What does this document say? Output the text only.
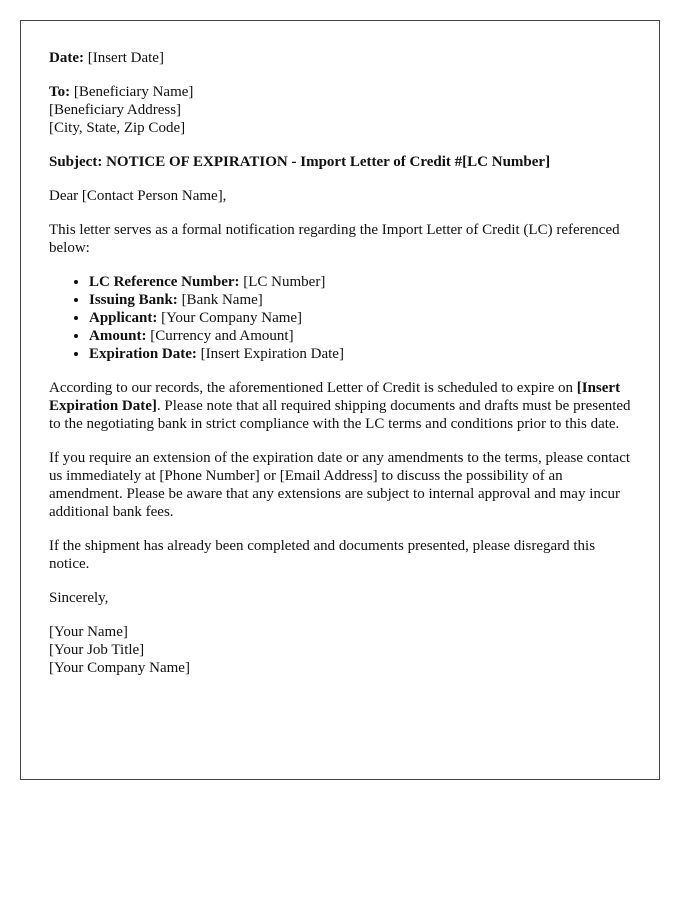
Date: [Insert Date]

To: [Beneficiary Name]
[Beneficiary Address]
[City, State, Zip Code]

Subject: NOTICE OF EXPIRATION - Import Letter of Credit #[LC Number]

Dear [Contact Person Name],

This letter serves as a formal notification regarding the Import Letter of Credit (LC) referenced below:

• LC Reference Number: [LC Number]
• Issuing Bank: [Bank Name]
• Applicant: [Your Company Name]
• Amount: [Currency and Amount]
• Expiration Date: [Insert Expiration Date]

According to our records, the aforementioned Letter of Credit is scheduled to expire on [Insert Expiration Date]. Please note that all required shipping documents and drafts must be presented to the negotiating bank in strict compliance with the LC terms and conditions prior to this date.

If you require an extension of the expiration date or any amendments to the terms, please contact us immediately at [Phone Number] or [Email Address] to discuss the possibility of an amendment. Please be aware that any extensions are subject to internal approval and may incur additional bank fees.

If the shipment has already been completed and documents presented, please disregard this notice.

Sincerely,

[Your Name]
[Your Job Title]
[Your Company Name]
